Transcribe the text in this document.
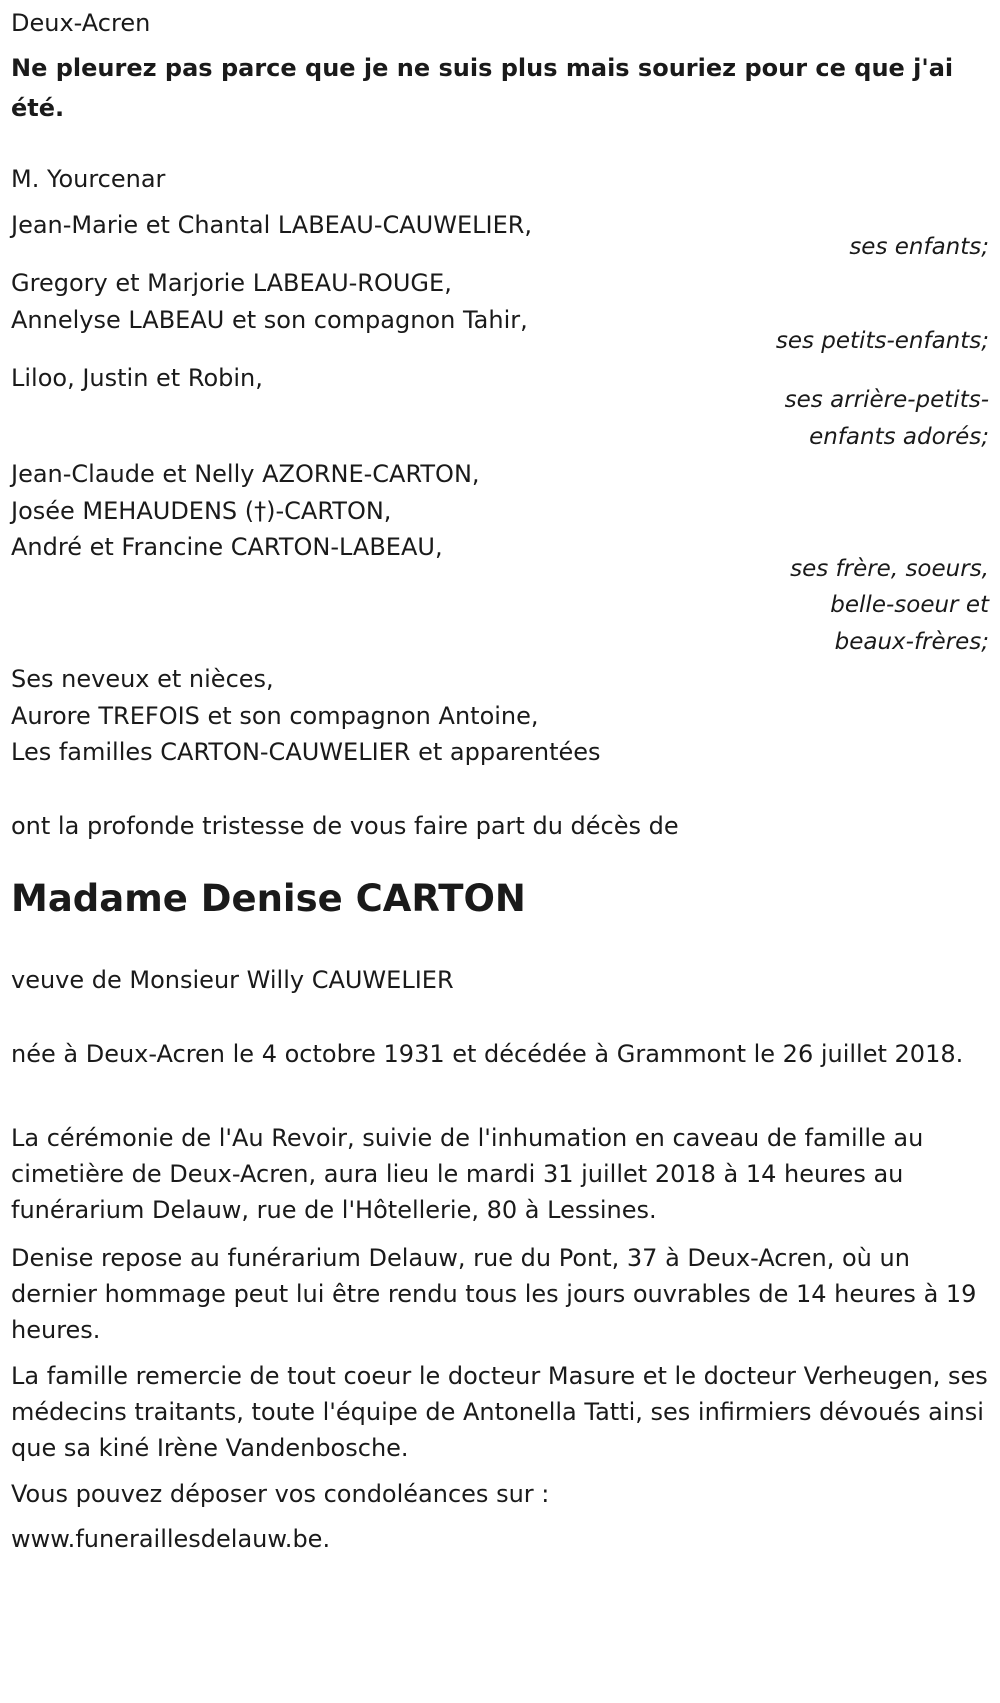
Deux-Acren

Ne pleurez pas parce que je ne suis plus mais souriez pour ce que j'ai été.

M. Yourcenar

Jean-Marie et Chantal LABEAU-CAUWELIER,

ses enfants;

Gregory et Marjorie LABEAU-ROUGE,

Annelyse LABEAU et son compagnon Tahir,

ses petits-enfants;

Liloo, Justin et Robin,

ses arrière-petits-

enfants adorés;

Jean-Claude et Nelly AZORNE-CARTON,

Josée MEHAUDENS (†)-CARTON,

André et Francine CARTON-LABEAU,

ses frère, soeurs,

belle-soeur et

beaux-frères;

Ses neveux et nièces,

Aurore TREFOIS et son compagnon Antoine,

Les familles CARTON-CAUWELIER et apparentées

ont la profonde tristesse de vous faire part du décès de

Madame Denise CARTON

veuve de Monsieur Willy CAUWELIER

née à Deux-Acren le 4 octobre 1931 et décédée à Grammont le 26 juillet 2018.

La cérémonie de l'Au Revoir, suivie de l'inhumation en caveau de famille au cimetière de Deux-Acren, aura lieu le mardi 31 juillet 2018 à 14 heures au funérarium Delauw, rue de l'Hôtellerie, 80 à Lessines.

Denise repose au funérarium Delauw, rue du Pont, 37 à Deux-Acren, où un dernier hommage peut lui être rendu tous les jours ouvrables de 14 heures à 19 heures.

La famille remercie de tout coeur le docteur Masure et le docteur Verheugen, ses médecins traitants, toute l'équipe de Antonella Tatti, ses infirmiers dévoués ainsi que sa kiné Irène Vandenbosche.

Vous pouvez déposer vos condoléances sur :

www.funeraillesdelauw.be.
